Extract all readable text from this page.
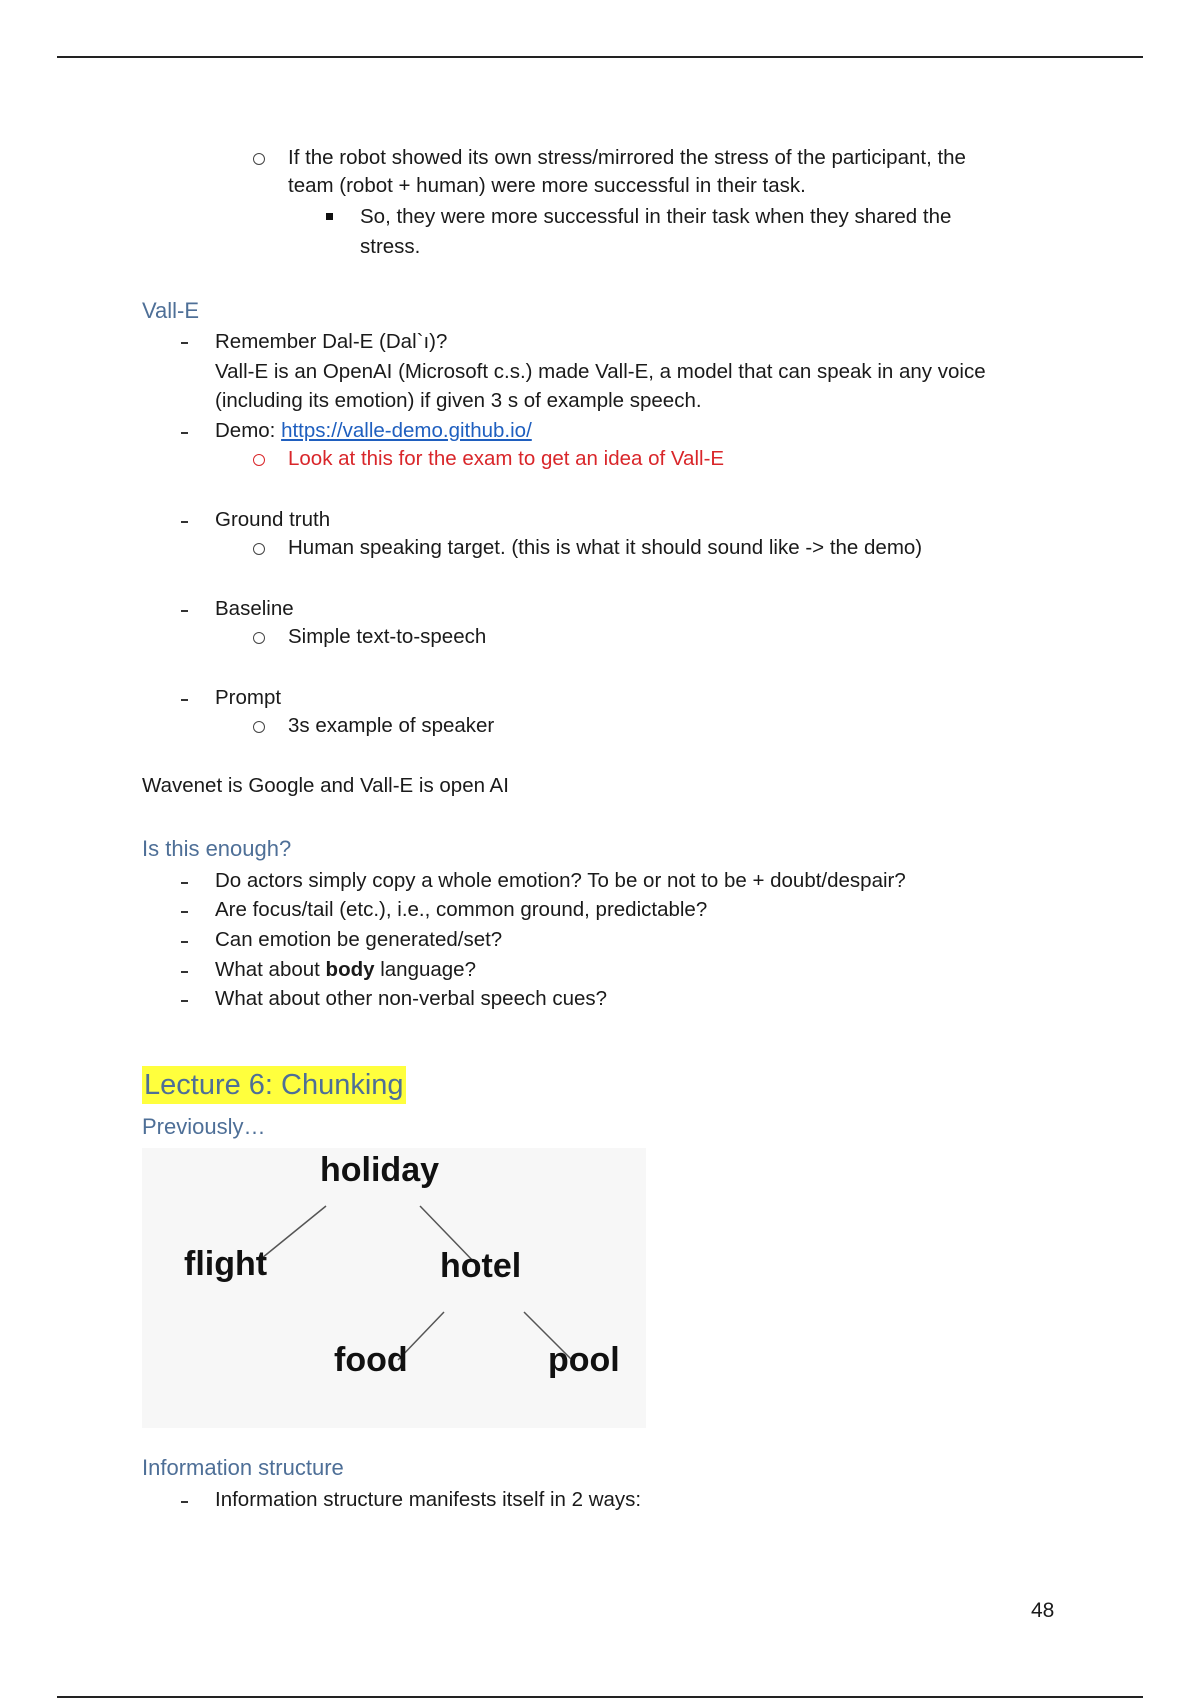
If the robot showed its own stress/mirrored the stress of the participant, the
team (robot + human) were more successful in their task.
So, they were more successful in their task when they shared the
stress.
Vall-E
Remember Dal-E (Dal`ı)?
Vall-E is an OpenAI (Microsoft c.s.) made Vall-E, a model that can speak in any voice
(including its emotion) if given 3 s of example speech.
Demo: https://valle-demo.github.io/
Look at this for the exam to get an idea of Vall-E
Ground truth
Human speaking target. (this is what it should sound like -> the demo)
Baseline
Simple text-to-speech
Prompt
3s example of speaker
Wavenet is Google and Vall-E is open AI
Is this enough?
Do actors simply copy a whole emotion? To be or not to be + doubt/despair?
Are focus/tail (etc.), i.e., common ground, predictable?
Can emotion be generated/set?
What about body language?
What about other non-verbal speech cues?
Lecture 6: Chunking
Previously…
holiday
flight	hotel
food	pool
Information structure
Information structure manifests itself in 2 ways:
48
